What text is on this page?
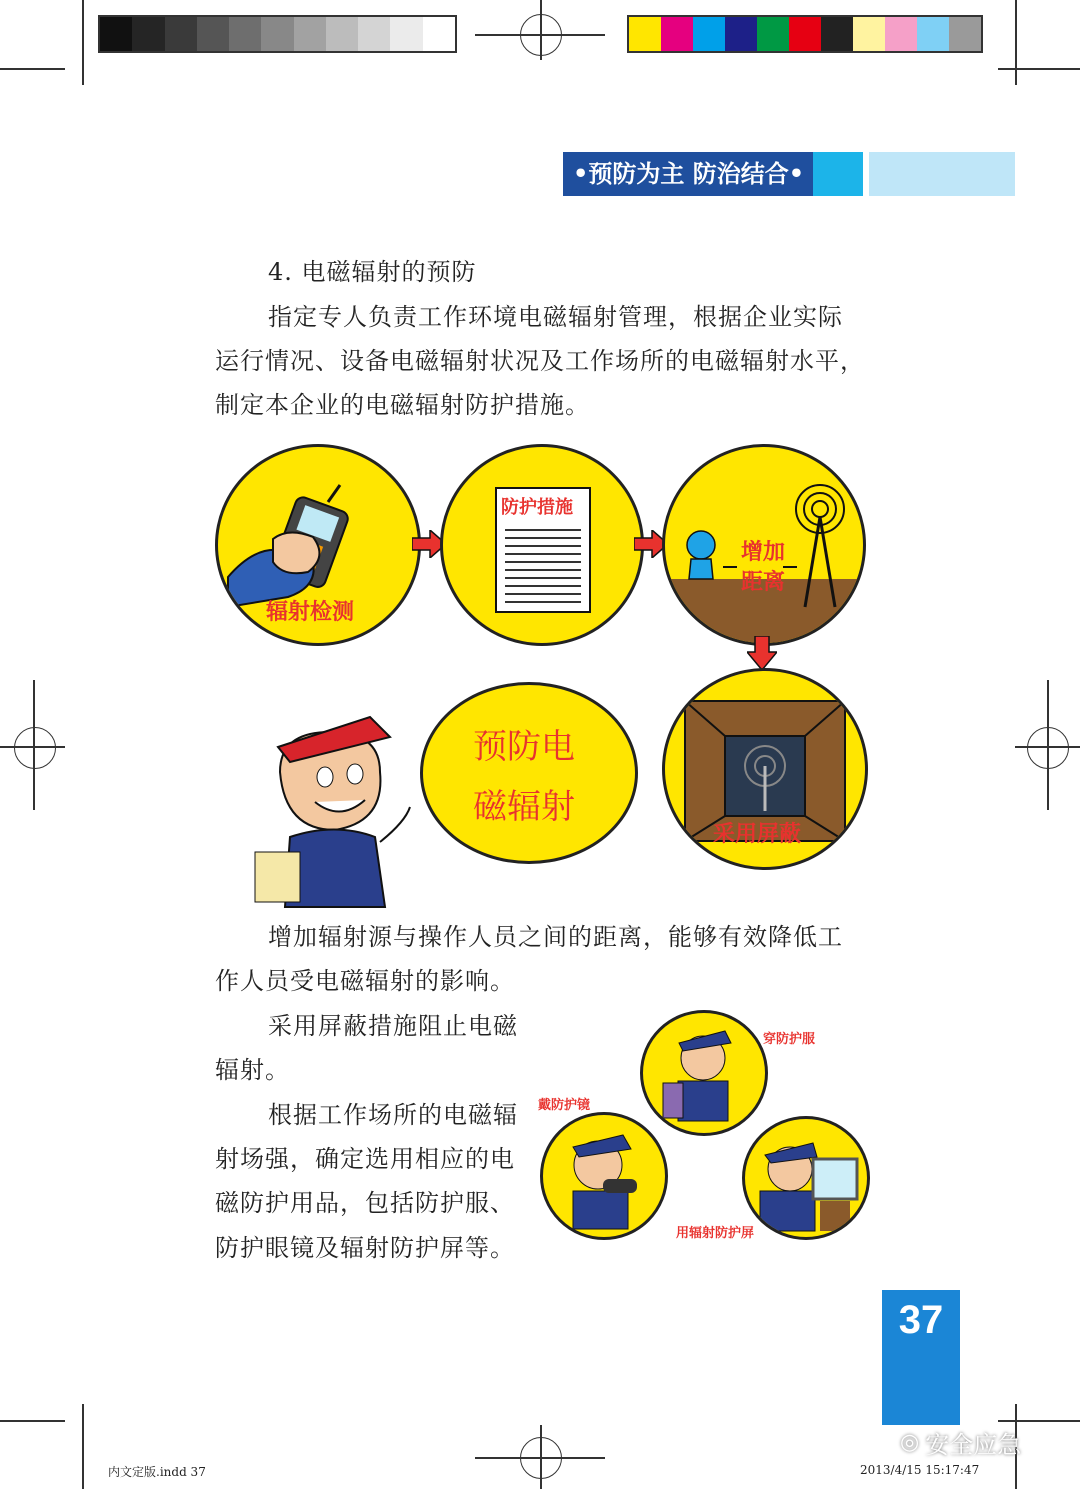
•预防为主 防治结合•
4. 电磁辐射的预防
指定专人负责工作环境电磁辐射管理，根据企业实际
运行情况、设备电磁辐射状况及工作场所的电磁辐射水平，
制定本企业的电磁辐射防护措施。
辐射检测
防护措施
增加
距离
采用屏蔽
预防电
磁辐射
增加辐射源与操作人员之间的距离，能够有效降低工
作人员受电磁辐射的影响。
采用屏蔽措施阻止电磁
辐射。
根据工作场所的电磁辐
射场强，确定选用相应的电
磁防护用品，包括防护服、
防护眼镜及辐射防护屏等。
穿防护服
戴防护镜
用辐射防护屏
37
◎ 安全应急
内文定版.indd 37	2013/4/15 15:17:47
